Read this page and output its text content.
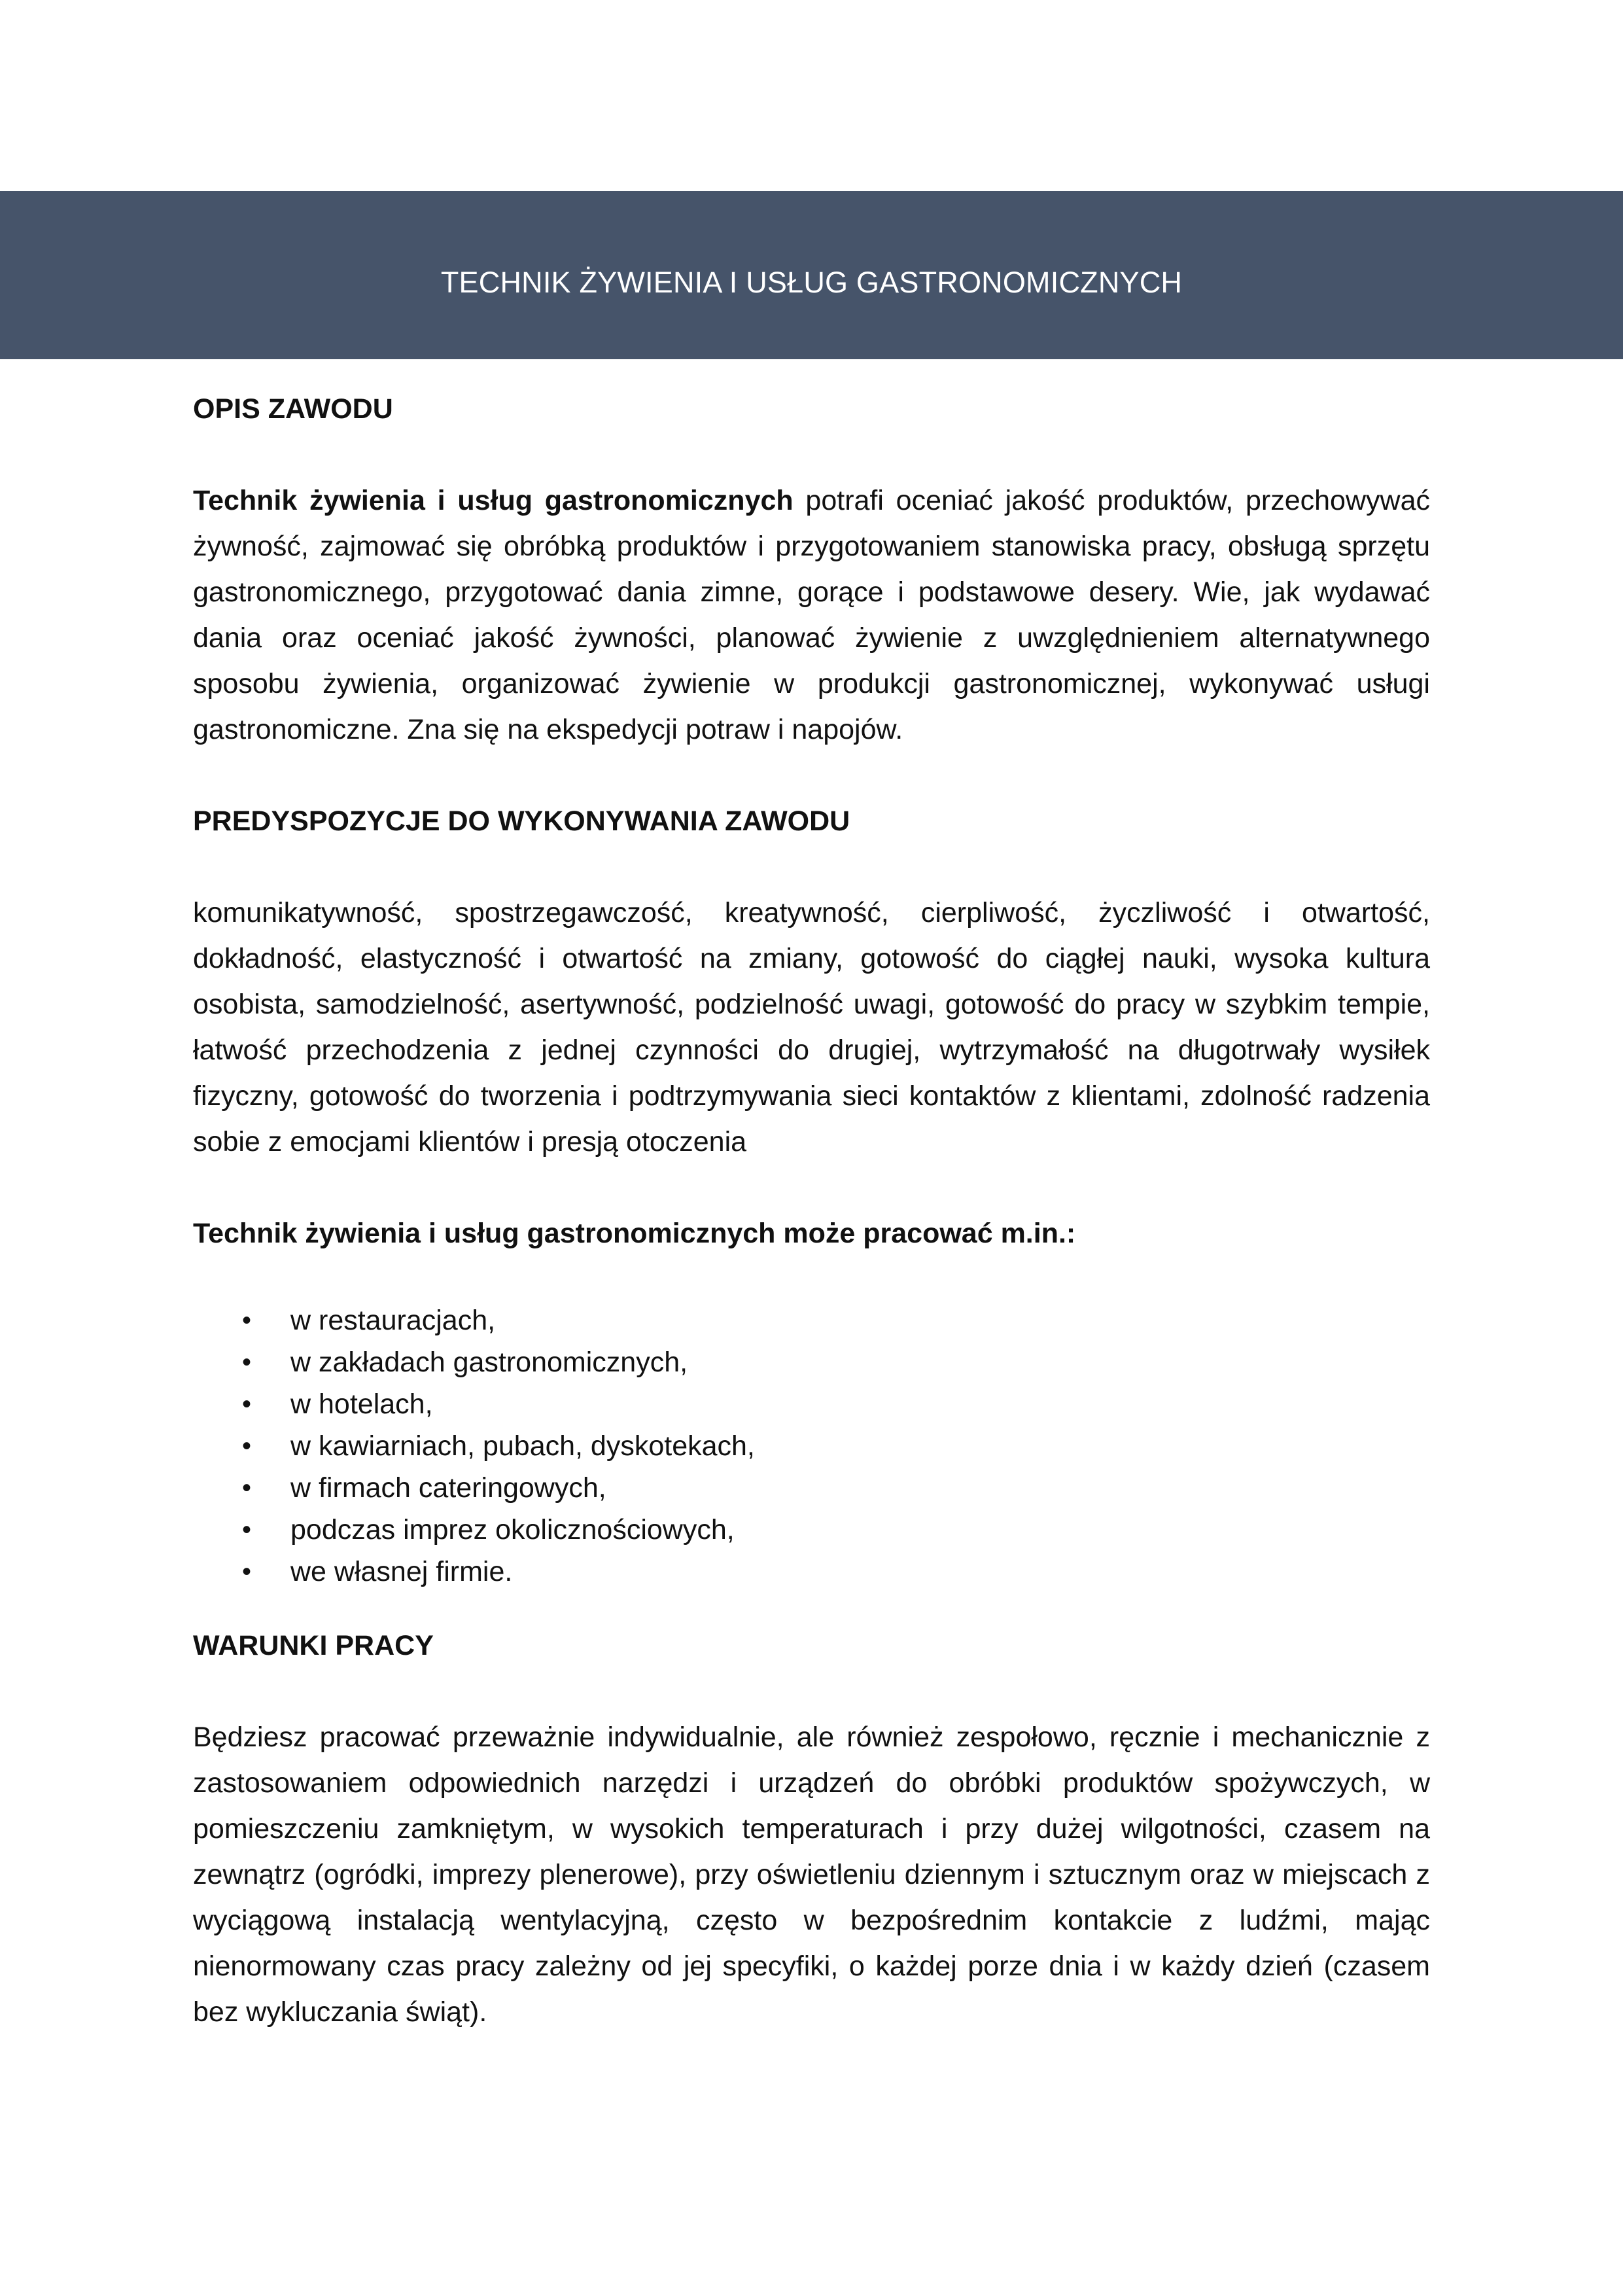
TECHNIK ŻYWIENIA I USŁUG GASTRONOMICZNYCH

OPIS ZAWODU

Technik żywienia i usług gastronomicznych potrafi oceniać jakość produktów, przechowywać żywność, zajmować się obróbką produktów i przygotowaniem stanowiska pracy, obsługą sprzętu gastronomicznego, przygotować dania zimne, gorące i podstawowe desery. Wie, jak wydawać dania oraz oceniać jakość żywności, planować żywienie z uwzględnieniem alternatywnego sposobu żywienia, organizować żywienie w produkcji gastronomicznej, wykonywać usługi gastronomiczne. Zna się na ekspedycji potraw i napojów.

PREDYSPOZYCJE DO WYKONYWANIA ZAWODU

komunikatywność, spostrzegawczość, kreatywność, cierpliwość, życzliwość i otwartość, dokładność, elastyczność i otwartość na zmiany, gotowość do ciągłej nauki, wysoka kultura osobista, samodzielność, asertywność, podzielność uwagi, gotowość do pracy w szybkim tempie, łatwość przechodzenia z jednej czynności do drugiej, wytrzymałość na długotrwały wysiłek fizyczny, gotowość do tworzenia i podtrzymywania sieci kontaktów z klientami, zdolność radzenia sobie z emocjami klientów i presją otoczenia

Technik żywienia i usług gastronomicznych może pracować m.in.:

• w restauracjach,
• w zakładach gastronomicznych,
• w hotelach,
• w kawiarniach, pubach, dyskotekach,
• w firmach cateringowych,
• podczas imprez okolicznościowych,
• we własnej firmie.

WARUNKI PRACY

Będziesz pracować przeważnie indywidualnie, ale również zespołowo, ręcznie i mechanicznie z zastosowaniem odpowiednich narzędzi i urządzeń do obróbki produktów spożywczych, w pomieszczeniu zamkniętym, w wysokich temperaturach i przy dużej wilgotności, czasem na zewnątrz (ogródki, imprezy plenerowe), przy oświetleniu dziennym i sztucznym oraz w miejscach z wyciągową instalacją wentylacyjną, często w bezpośrednim kontakcie z ludźmi, mając nienormowany czas pracy zależny od jej specyfiki, o każdej porze dnia i w każdy dzień (czasem bez wykluczania świąt).
